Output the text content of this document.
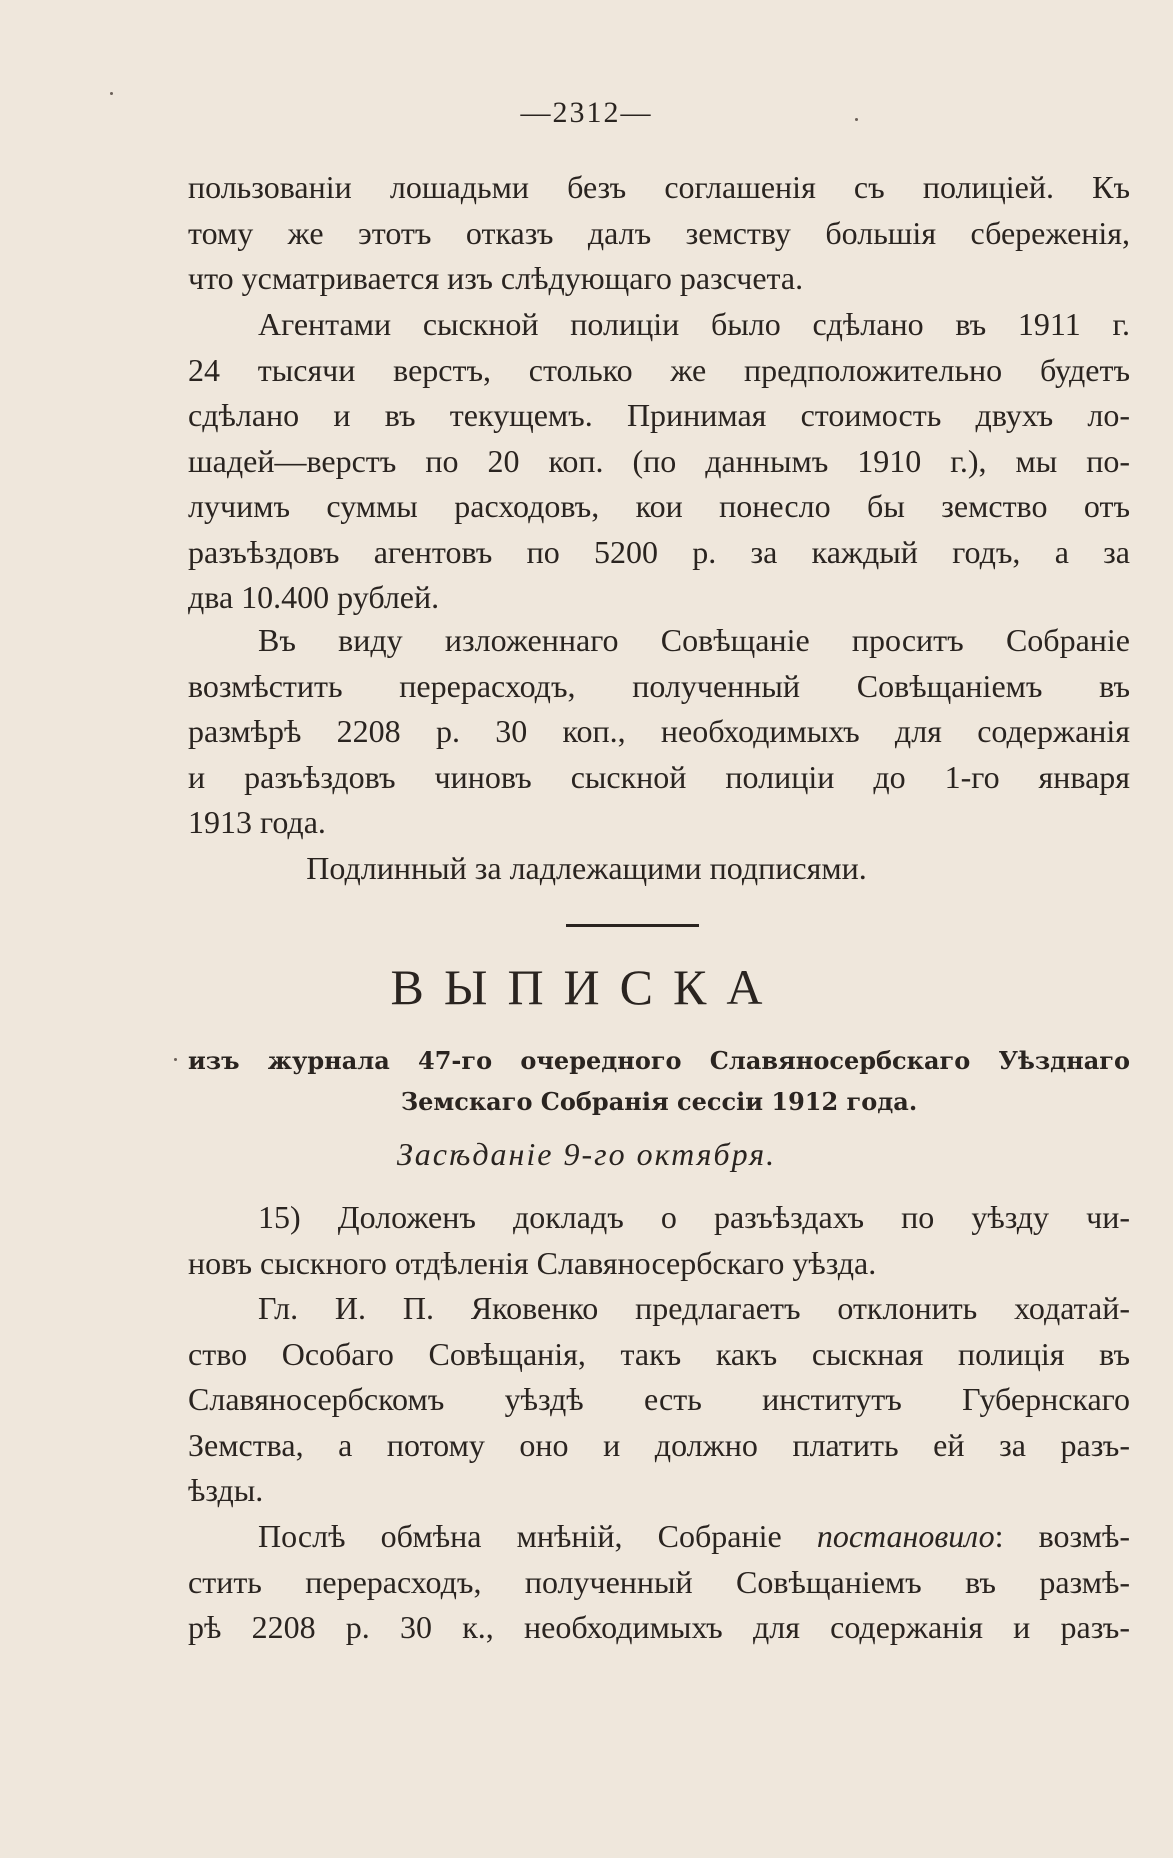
—2312—
пользованіи лошадьми безъ соглашенія съ полиціей. Къ
тому же этотъ отказъ далъ земству большія сбереженія,
что усматривается изъ слѣдующаго разсчета.
Агентами сыскной полиціи было сдѣлано въ 1911 г.
24 тысячи верстъ, столько же предположительно будетъ
сдѣлано и въ текущемъ. Принимая стоимость двухъ ло-
шадей—верстъ по 20 коп. (по даннымъ 1910 г.), мы по-
лучимъ суммы расходовъ, кои понесло бы земство отъ
разъѣздовъ агентовъ по 5200 р. за каждый годъ, а за
два 10.400 рублей.
Въ виду изложеннаго Совѣщаніе проситъ Собраніе
возмѣстить перерасходъ, полученный Совѣщаніемъ въ
размѣрѣ 2208 р. 30 коп., необходимыхъ для содержанія
и разъѣздовъ чиновъ сыскной полиціи до 1-го января
1913 года.
Подлинный за ладлежащими подписями.
ВЫПИСКА
изъ журнала 47-го очередного Славяносербскаго Уѣзднаго
Земскаго Собранія сессіи 1912 года.
Засѣданіе 9-го октября.
15) Доложенъ докладъ о разъѣздахъ по уѣзду чи-
новъ сыскного отдѣленія Славяносербскаго уѣзда.
Гл. И. П. Яковенко предлагаетъ отклонить ходатай-
ство Особаго Совѣщанія, такъ какъ сыскная полиція въ
Славяносербскомъ уѣздѣ есть институтъ Губернскаго
Земства, а потому оно и должно платить ей за разъ-
ѣзды.
Послѣ обмѣна мнѣній, Собраніе постановило: возмѣ-
стить перерасходъ, полученный Совѣщаніемъ въ размѣ-
рѣ 2208 р. 30 к., необходимыхъ для содержанія и разъ-
